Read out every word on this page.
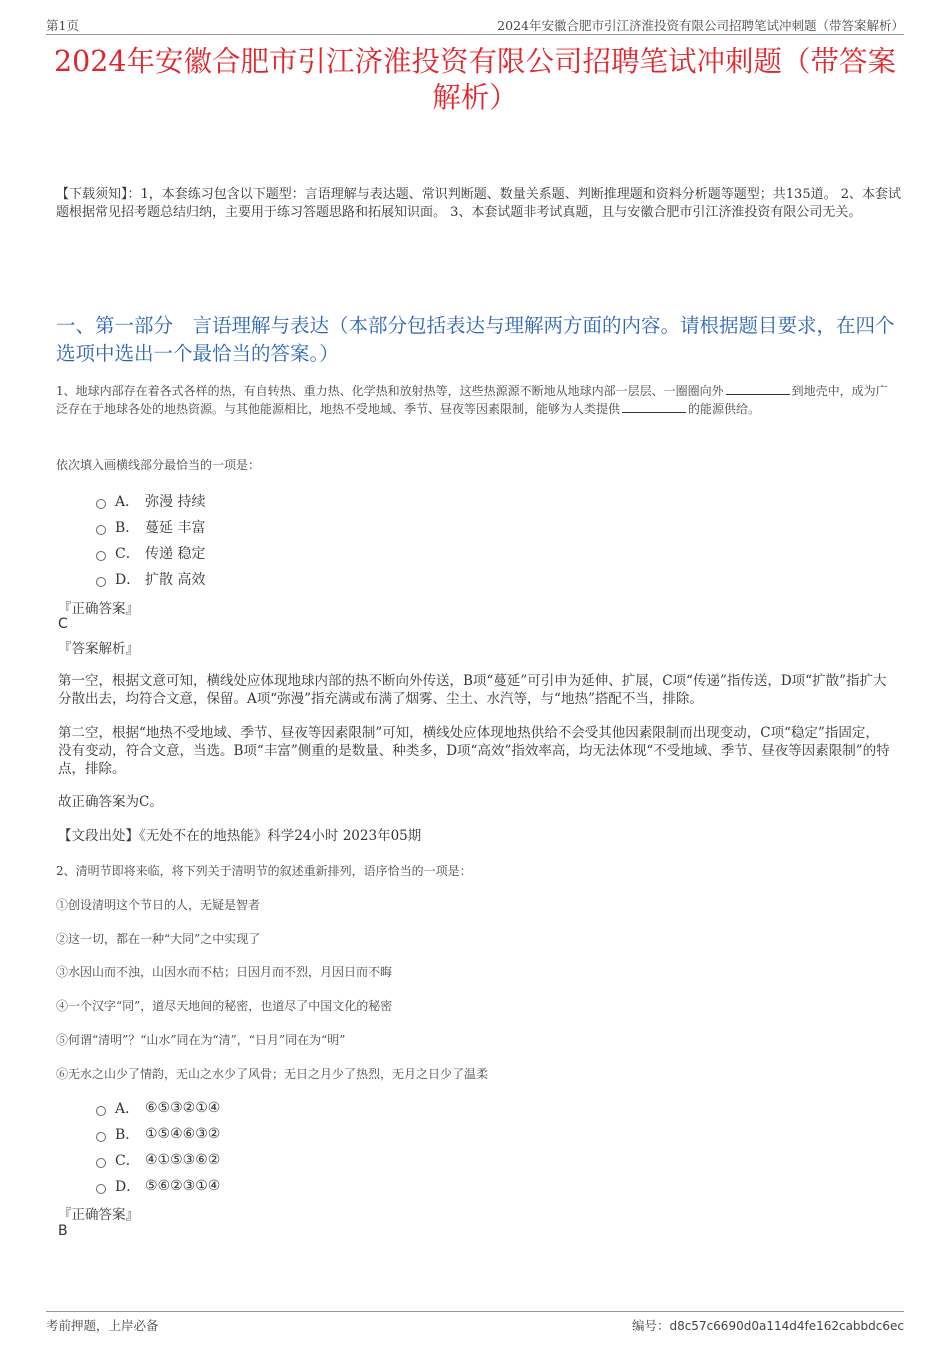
第1页	2024年安徽合肥市引江济淮投资有限公司招聘笔试冲刺题（带答案解析）
2024年安徽合肥市引江济淮投资有限公司招聘笔试冲刺题（带答案解析）
【下载须知】：1，本套练习包含以下题型：言语理解与表达题、常识判断题、数量关系题、判断推理题和资料分析题等题型；共135道。 2、本套试题根据常见招考题总结归纳，主要用于练习答题思路和拓展知识面。 3、本套试题非考试真题，且与安徽合肥市引江济淮投资有限公司无关。
一、第一部分　言语理解与表达（本部分包括表达与理解两方面的内容。请根据题目要求，在四个选项中选出一个最恰当的答案。）
1、地球内部存在着各式各样的热，有自转热、重力热、化学热和放射热等，这些热源源不断地从地球内部一层层、一圈圈向外	到地壳中，成为广泛存在于地球各处的地热资源。与其他能源相比，地热不受地域、季节、昼夜等因素限制，能够为人类提供	的能源供给。
依次填入画横线部分最恰当的一项是：
A． 弥漫 持续
B． 蔓延 丰富
C． 传递 稳定
D． 扩散 高效
『正确答案』
C
『答案解析』
第一空，根据文意可知，横线处应体现地球内部的热不断向外传送，B项“蔓延”可引申为延伸、扩展，C项“传递”指传送，D项“扩散”指扩大分散出去，均符合文意，保留。A项“弥漫”指充满或布满了烟雾、尘土、水汽等，与“地热”搭配不当，排除。
第二空，根据“地热不受地域、季节、昼夜等因素限制”可知，横线处应体现地热供给不会受其他因素限制而出现变动，C项“稳定”指固定，没有变动，符合文意，当选。B项“丰富”侧重的是数量、种类多，D项“高效”指效率高，均无法体现“不受地域、季节、昼夜等因素限制”的特点，排除。
故正确答案为C。
【文段出处】《无处不在的地热能》科学24小时 2023年05期
2、清明节即将来临，将下列关于清明节的叙述重新排列，语序恰当的一项是：
①创设清明这个节日的人，无疑是智者
②这一切，都在一种“大同”之中实现了
③水因山而不浊，山因水而不枯；日因月而不烈，月因日而不晦
④一个汉字“同”，道尽天地间的秘密，也道尽了中国文化的秘密
⑤何谓“清明”？“山水”同在为“清”，“日月”同在为“明”
⑥无水之山少了情韵，无山之水少了风骨；无日之月少了热烈，无月之日少了温柔
A． ⑥⑤③②①④
B． ①⑤④⑥③②
C． ④①⑤③⑥②
D． ⑤⑥②③①④
『正确答案』
B
考前押题，上岸必备	编号：d8c57c6690d0a114d4fe162cabbdc6ec
